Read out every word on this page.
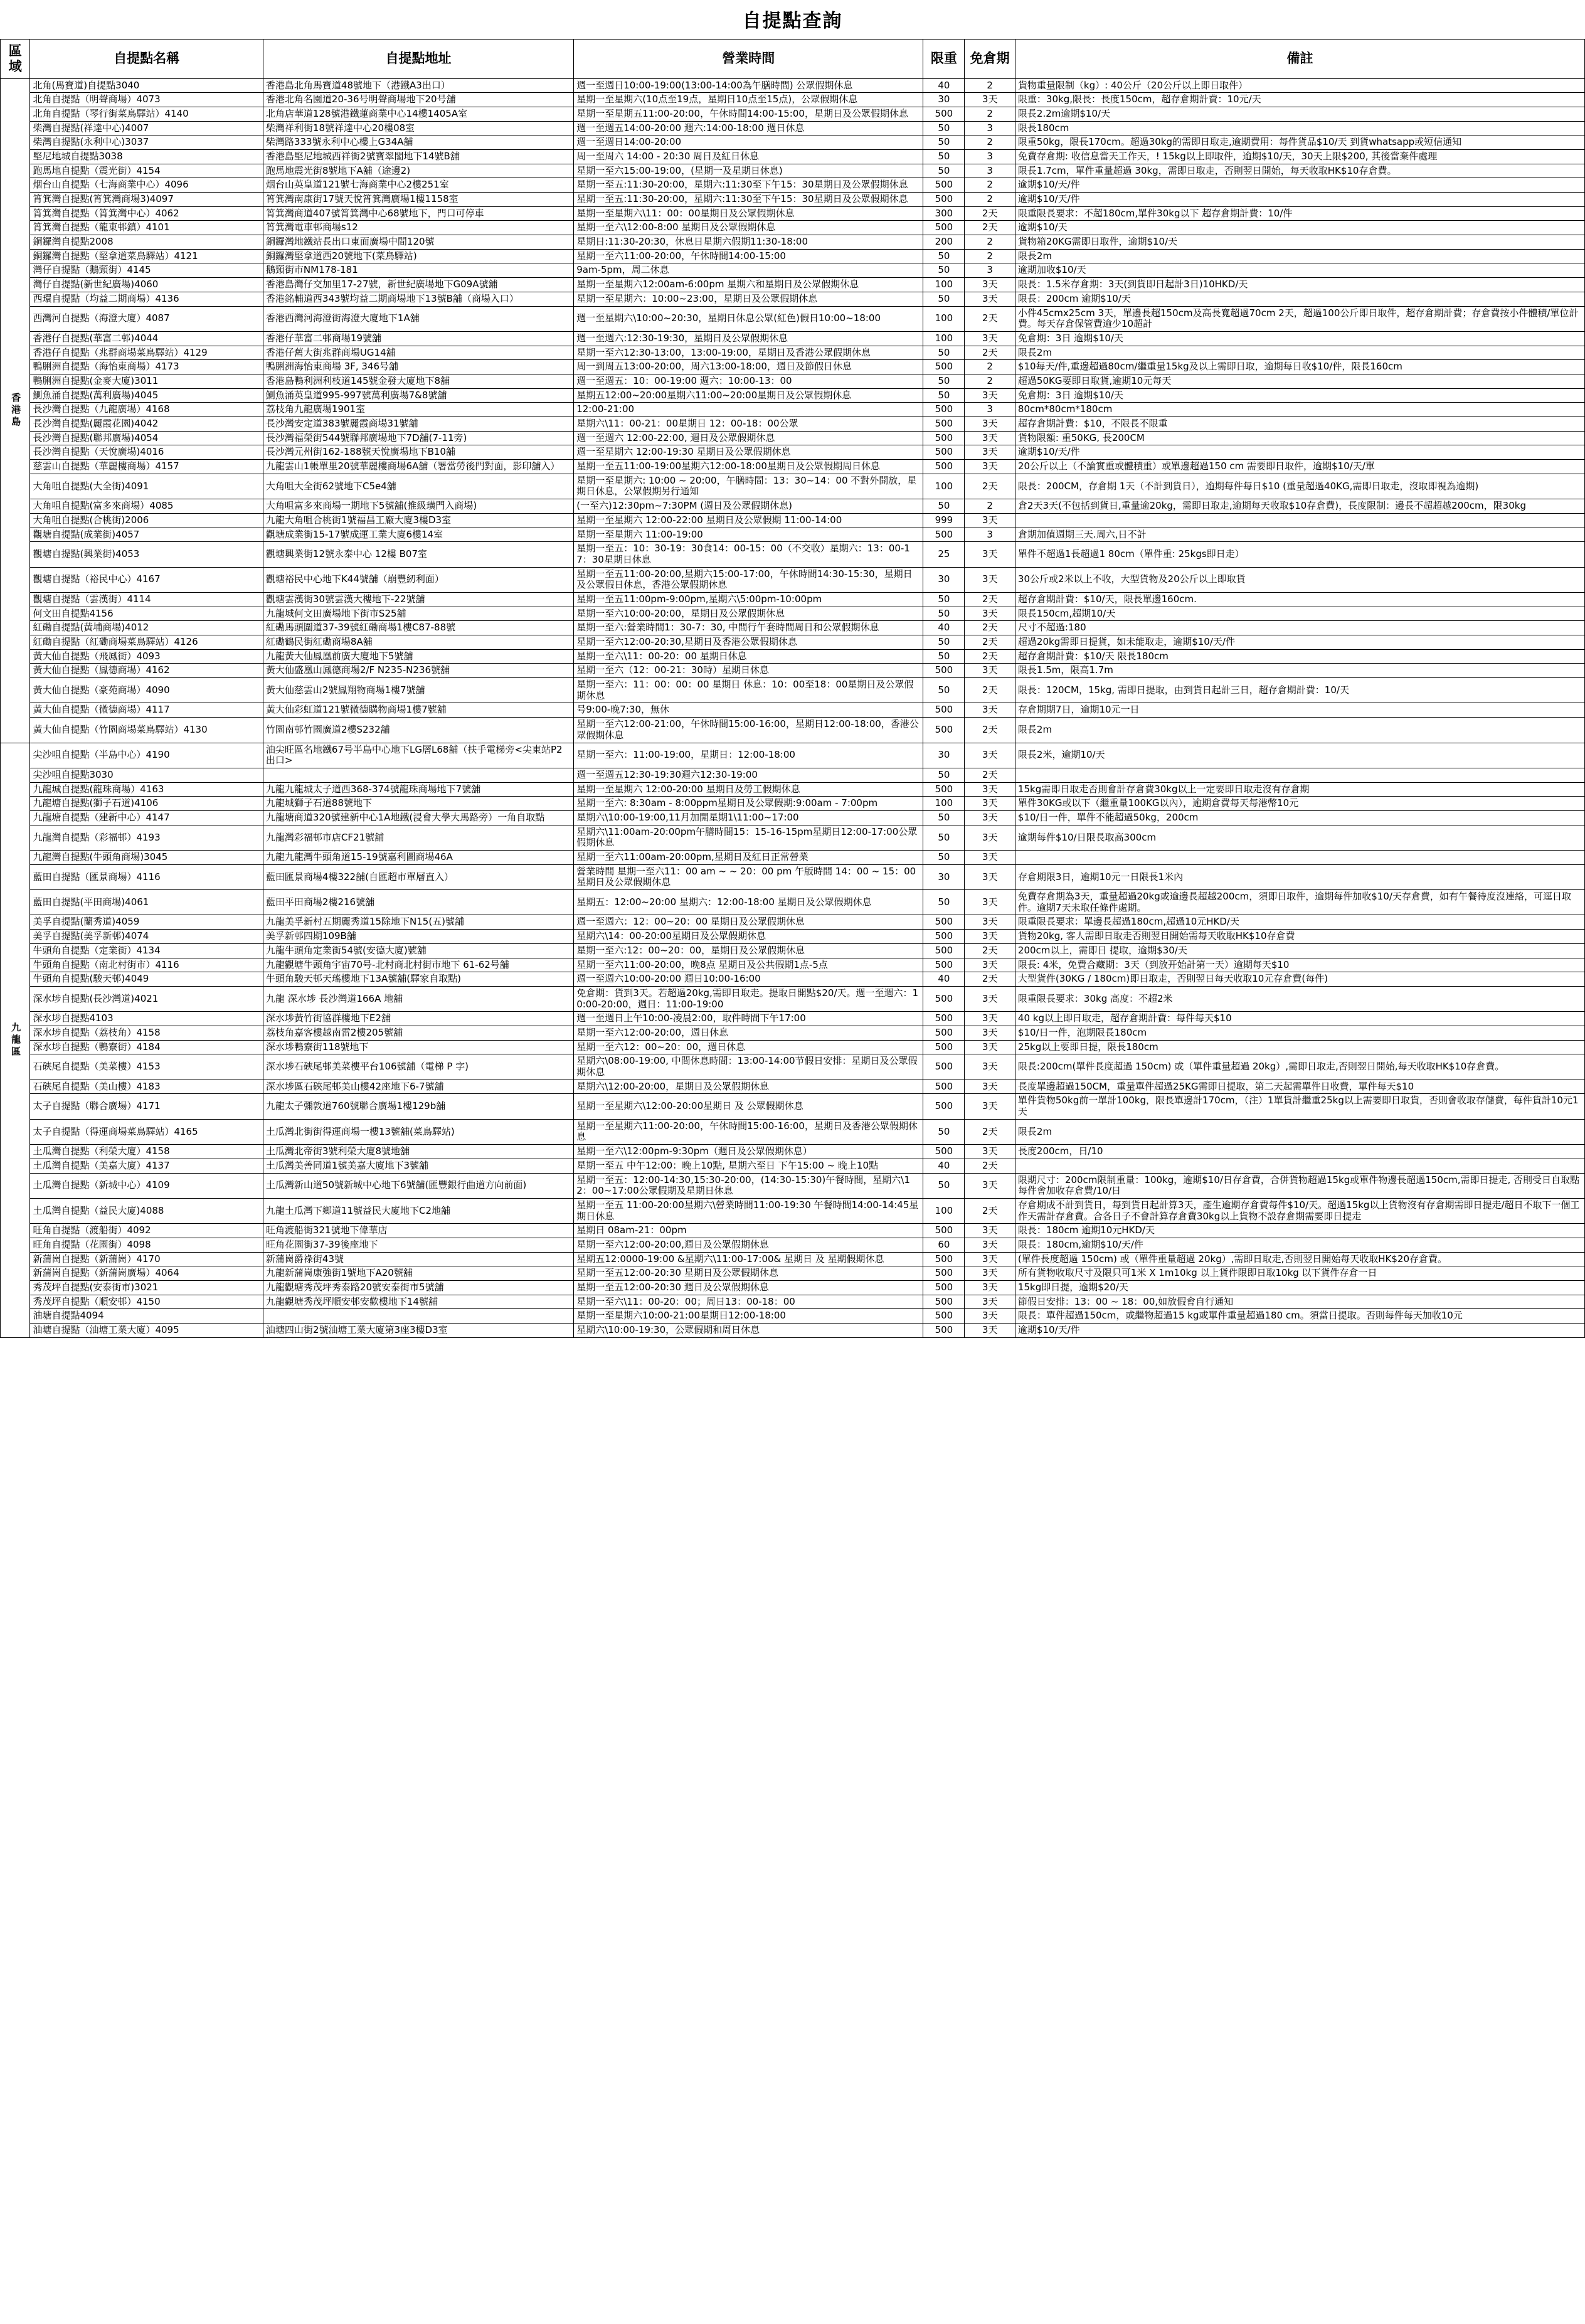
自提點查詢
區域	自提點名稱	自提點地址	營業時間	限重	免倉期	備註
香港島	北角(馬寶道)自提點3040	香港島北角馬寶道48號地下（港鐵A3出口）	週一至週日10:00-19:00(13:00-14:00為午膳時間) 公眾假期休息	40	2	貨物重量限制（kg）: 40公斤（20公斤以上即日取件）
	北角自提點（明聲商場）4073	香港北角名園道20-36号明聲商場地下20号舖	星期一至星期六(10点至19点，星期日10点至15点)，公眾假期休息	30	3天	限重：30kg,限長：長度150cm，超存倉期計費：10元/天
	北角自提點（琴行街菜鳥驛站）4140	北角店華道128號港鐵蓮商業中心14樓1405A室	星期一至星期五11:00-20:00，午休時間14:00-15:00，星期日及公眾假期休息	500	2	限長2.2m逾期$10/天
	柴灣自提點(祥達中心)4007	柴灣祥利街18號祥達中心20樓08室	週一至週五14:00-20:00 週六:14:00-18:00 週日休息	50	3	限長180cm
	柴灣自提點(永利中心)3037	柴灣路333號永利中心樓上G34A舖	週一至週日14:00-20:00	50	2	限重50kg，限長170cm。超過30kg的需即日取走,逾期費用：每件貨品$10/天 到貨whatsapp或短信通知
	堅尼地城自提點3038	香港島堅尼地城西祥街2號寶翠閣地下14號B舖	周一至周六 14:00 - 20:30 周日及紅日休息	50	3	免費存倉期: 收信息當天工作天，! 15kg以上即取件，逾期$10/天，30天上限$200, 其後當棄件處理
	跑馬地自提點（震光街）4154	跑馬地震光街8號地下A舖（途邊2)	星期一至六15:00-19:00，(星期一及星期日休息)	50	3	限長1.7cm，單件重量超過 30kg，需即日取走，否則翌日開始，每天收取HK$10存倉費。
	烟台山自提點（七海商業中心）4096	烟台山英皇道121號七海商業中心2樓251室	星期一至五:11:30-20:00，星期六:11:30至下午15：30星期日及公眾假期休息	500	2	逾期$10/天/件
	筲箕灣自提點(筲箕灣商場3)4097	筲箕灣南康街17號天悅筲箕灣廣場1樓1158室	星期一至五:11:30-20:00，星期六:11:30至下午15：30星期日及公眾假期休息	500	2	逾期$10/天/件
	筲箕灣自提點（筲箕灣中心）4062	筲箕灣商道407號筲箕灣中心68號地下，門口可停車	星期一至星期六\11：00：00星期日及公眾假期休息	300	2天	限重限長要求：不超180cm,單件30kg以下 超存倉期計費：10/件
	筲箕灣自提點（龍東邨鎮）4101	筲箕灣電車邨商場s12	星期一至六\12:00-8:00 星期日及公眾假期休息	500	2天	逾期$10/天
	銅鑼灣自提點2008	銅鑼灣地鐵站長出口東面廣場中間120號	星期日:11:30-20:30，休息日星期六假期11:30-18:00	200	2	貨物箱20KG需即日取件，逾期$10/天
	銅鑼灣自提點（堅拿道菜鳥驛站）4121	銅鑼灣堅拿道西20號地下(菜鳥驛站)	星期一至六11:00-20:00，午休時間14:00-15:00	50	2	限長2m
	灣仔自提點（鵝頸街）4145	鵝頸街市NM178-181	9am-5pm，周二休息	50	3	逾期加收$10/天
	灣仔自提點(新世紀廣場)4060	香港島灣仔交加里17-27號，新世紀廣場地下G09A號鋪	星期一至星期六12:00am-6:00pm 星期六和星期日及公眾假期休息	100	3天	限長：1.5米存倉期：3天(到貨即日起計3日)10HKD/天
	西環自提點（均益二期商場）4136	香港銘輔道西343號均益二期商場地下13號B舖（商場入口）	星期一至星期六：10:00~23:00，星期日及公眾假期休息	50	3天	限長：200cm 逾期$10/天
	西灣河自提點（海澄大廈）4087	香港西灣河海澄街海澄大廈地下1A舖	週一至星期六\10:00~20:30，星期日休息公眾(紅色)假日10:00~18:00	100	2天	小件45cmx25cm 3天，單邊長超150cm及高長寬超過70cm 2天，超過100公斤即日取件，超存倉期計費；存倉費按小件體積/單位計費。每天存倉保管費逾少10超計
	香港仔自提點(華富二邨)4044	香港仔華富二邨商場19號舖	週一至週六:12:30-19:30，星期日及公眾假期休息	100	3天	免倉期：3日 逾期$10/天
	香港仔自提點（兆群商場菜鳥驛站）4129	香港仔舊大街兆群商場UG14舖	星期一至六12:30-13:00，13:00-19:00，星期日及香港公眾假期休息	50	2天	限長2m
	鴨脷洲自提點（海怡東商場）4173	鴨脷洲海怡東商場 3F, 346号舖	周一到周五13:00-20:00，周六13:00-18:00，週日及節假日休息	500	2	$10每天/件,重邊超過80cm/繼重量15kg及以上需即日取，逾期每日收$10/件，限長160cm
	鴨脷洲自提點(金麥大廈)3011	香港島鴨利洲利枝道145號金發大廈地下8舖	週一至週五：10：00-19:00 週六：10:00-13：00	50	2	超過50KG要即日取貨,逾期10元每天
	鰂魚涌自提點(萬利廣場)4045	鰂魚涌英皇道995-997號萬利廣場7&8號舖	星期五12:00~20:00星期六11:00~20:00星期日及公眾假期休息	50	3天	免倉期：3日 逾期$10/天
	長沙灣自提點（九龍廣場）4168	荔枝角九龍廣場1901室	12:00-21:00	500	3	80cm*80cm*180cm
	長沙灣自提點(麗霞花園)4042	長沙灣安定道383號麗霞商場31號舖	星期六\11：00-21：00星期日 12：00-18：00公眾	500	3天	超存倉期計費：$10，不限長不限重
	長沙灣自提點(聯邦廣場)4054	長沙灣福榮街544號聯邦廣場地下7D舖(7-11旁)	週一至週六 12:00-22:00, 週日及公眾假期休息	500	3天	貨物限額: 重50KG, 長200CM
	長沙灣自提點（天悅廣場)4016	長沙灣元州街162-188號天悅廣場地下B10舖	週一至星期六 12:00-19:30 星期日及公眾假期休息	500	3天	逾期$10/天/件
	慈雲山自提點（華麗樓商場）4157	九龍雲山1帳單里20號華麗樓商場6A舖（署當勞後門對面，影印舖入）	星期一至五11:00-19:00星期六12:00-18:00星期日及公眾假期周日休息	500	3天	20公斤以上（不論實重或體積重）或單邊超過150 cm 需要即日取件，逾期$10/天/單
	大角咀自提點(大全街)4091	大角咀大全街62號地下C5e4舖	星期一至星期六: 10:00 ~ 20:00，午膳時間：13：30~14：00 不對外開放，星期日休息，公眾假期另行通知	100	2天	限長：200CM，存倉期 1天（不計到貨日），逾期每件每日$10 (重量超過40KG,需即日取走，沒取即視為逾期)
	大角咀自提點(富多來商場）4085	大角咀富多來商場一期地下5號舖(推級璜門入商場)	(一至六)12:30pm~7:30PM (週日及公眾假期休息)	50	2	倉2天3天(不包括到貨日,重量逾20kg，需即日取走,逾期每天收取$10存倉費)，長度限制：邊長不超超越200cm，限30kg
	大角咀自提點(合桃街)2006	九龍大角咀合桃街1號福昌工廠大廈3樓D3室	星期一至星期六 12:00-22:00 星期日及公眾假期 11:00-14:00	999	3天	
	觀塘自提點(成業街)4057	觀塘成業街15-17號成運工業大廈6樓14室	星期一至星期六 11:00-19:00	500	3	倉期加值週期三天.周六,日不計
	觀塘自提點(興業街)4053	觀塘興業街12號永泰中心 12樓 B07室	星期一至五：10：30-19：30食14：00-15：00（不交收）星期六：13：00-17：30星期日休息	25	3天	單件不超過1長超過1 80cm（單件重: 25kgs即日走）
	觀塘自提點（裕民中心）4167	觀塘裕民中心地下K44號舖（崩豐紉利面）	星期一至五11:00-20:00,星期六15:00-17:00，午休時間14:30-15:30，星期日及公眾假日休息，香港公眾假期休息	30	3天	30公斤或2米以上不收，大型貨物及20公斤以上即取貨
	觀塘自提點（雲漢街）4114	觀塘雲漢街30號雲漢大樓地下-22號舖	星期一至五11:00pm-9:00pm,星期六\5:00pm-10:00pm	50	2天	超存倉期計費：$10/天，限長單邊160cm.
	何文田自提點4156	九龍城何文田廣場地下街市S25舖	星期一至六10:00-20:00，星期日及公眾假期休息	50	3天	限長150cm,超期10/天
	紅磡自提點(黃埔商場)4012	紅磡馬頭圍道37-39號紅磡商場1樓C87-88號	星期一至六:營業時間1：30-7：30, 中間行午套時間周日和公眾假期休息	40	2天	尺寸不超過:180
	紅磡自提點（紅磡商場菜鳥驛站）4126	紅磡鶴民街紅磡商場8A舖	星期一至六12:00-20:30,星期日及香港公眾假期休息	50	2天	超過20kg需即日提貨，如未能取走，逾期$10/天/件
	黃大仙自提點（飛鳳街）4093	九龍黃大仙鳳凰前廣大廈地下5號舖	星期一至六\11：00-20：00 星期日休息	50	2天	超存倉期計費：$10/天 限長180cm
	黃大仙自提點（鳳德商場）4162	黃大仙盛凰山鳳德商場2/F N235-N236號舖	星期一至六（12：00-21：30時）星期日休息	500	3天	限長1.5m，限高1.7m
	黃大仙自提點（豪苑商場）4090	黃大仙慈雲山2號鳳翔物商場1樓7號舖	星期一至六：11：00：00：00 星期日 休息：10：00至18：00星期日及公眾假期休息	50	2天	限長：120CM，15kg, 需即日提取，由到貨日起計三日，超存倉期計費：10/天
	黃大仙自提點（微德商場）4117	黃大仙彩虹道121號微德購物商場1樓7號舖	号9:00-晚7:30，無休	500	3天	存倉期期7日，逾期10元一日
	黃大仙自提點（竹園商場菜鳥驛站）4130	竹園南邨竹園廣道2樓S232舖	星期一至六12:00-21:00，午休時間15:00-16:00，星期日12:00-18:00，香港公眾假期休息	500	2天	限長2m
九龍區	尖沙咀自提點（半島中心）4190	油尖旺區名地鐵67号半島中心地下LG層L68舖（扶手電梯旁<尖東站P2出口>	星期一至六：11:00-19:00，星期日：12:00-18:00	30	3天	限長2米，逾期10/天
	尖沙咀自提點3030		週一至週五12:30-19:30週六12:30-19:00	50	2天	
	九龍城自提點(龍珠商場）4163	九龍九龍城太子道西368-374號龍珠商場地下7號舖	星期一至星期六 12:00-20:00 星期日及勞工假期休息	500	3天	15kg需即日取走否則會計存倉費30kg以上一定要即日取走沒有存倉期
	九龍塘自提點(獅子石道)4106	九龍城獅子石道88號地下	星期一至六: 8:30am - 8:00ppm星期日及公眾假期:9:00am - 7:00pm	100	3天	單件30KG或以下（繼重量100KG以內），逾期倉費每天每港幣10元
	九龍塘自提點（建新中心）4147	九龍塘商道320號建新中心1A地鐵(浸會大學大馬路旁）一角自取點	星期六\10:00-19:00,11月加開星期1\11:00~17:00	50	3天	$10/日一件，單件不能超過50kg，200cm
	九龍灣自提點（彩福邨）4193	九龍灣彩福邨市店CF21號舖	星期六\11:00am-20:00pm午膳時間15：15-16-15pm星期日12:00-17:00公眾假期休息	50	3天	逾期每件$10/日限長取高300cm
	九龍灣自提點(牛頭角商場)3045	九龍九龍灣牛頭角道15-19號嘉利圖商場46A	星期一至六11:00am-20:00pm,星期日及紅日正常營業	50	3天	
	藍田自提點（匯景商場）4116	藍田匯景商場4樓322舖(自匯超市單層直入）	營業時間 星期一至六11：00 am ~ ~ 20：00 pm 午版時間 14：00 ~ 15：00星期日及公眾假期休息	30	3天	存倉期限3日，逾期10元一日限長1米內
	藍田自提點(平田商場)4061	藍田平田商場2樓216號舖	星期五：12:00~20:00 星期六：12:00-18:00 星期日及公眾假期休息	50	3天	免費存倉期為3天，重量超過20kg或逾邊長超越200cm，須即日取件，逾期每件加收$10/天存倉費，如有午餐待度沒連絡，可逕日取件。逾期7天未取任條件處期。
	美孚自提點(蘭秀道)4059	九龍美孚新村五期麗秀道15除地下N15(五)號舖	週一至週六：12：00~20：00 星期日及公眾假期休息	500	3天	限重限長要求：單邊長超過180cm,超過10元HKD/天
	美孚自提點(美孚新邨)4074	美孚新邨四期109B舖	星期六\14：00-20:00星期日及公眾假期休息	500	3天	貨物20kg, 客人需即日取走否則翌日開始需每天收取HK$10存倉費
	牛頭角自提點（定業街）4134	九龍牛頭角定業街54號(安德大廈)號舖	星期一至六:12：00~20：00，星期日及公眾假期休息	500	2天	200cm以上，需即日 提取，逾期$30/天
	牛頭角自提點（南北村街市）4116	九龍觀塘牛頭角宇宙70号-北村商北村街市地下 61-62号舖	星期一至六11:00-20:00，晚8点 星期日及公共假期1点-5点	500	3天	限長: 4米，免費合藏期：3天（到放开始計第一天）逾期每天$10
	牛頭角自提點(駿天邨)4049	牛頭角駿天邨天瑤樓地下13A號舖(驛家自取點)	週一至週六10:00-20:00 週日10:00-16:00	40	2天	大型貨件(30KG / 180cm)即日取走，否則翌日每天收取10元存倉費(每件)
	深水埗自提點(長沙灣道)4021	九龍 深水埗 長沙灣道166A 地舖	免倉期：貨到3天。若超過20kg,需即日取走。提取日開點$20/天。週一至週六：10:00-20:00，週日：11:00-19:00	500	3天	限重限長要求：30kg 高度：不超2米
	深水埗自提點4103	深水埗黃竹街協群樓地下E2舖	週一至週日上午10:00-凌晨2:00，取件時間下午17:00	500	3天	40 kg以上即日取走，超存倉期計費：每件每天$10
	深水埗自提點（荔枝角）4158	荔枝角嘉客樓越南雷2樓205號舖	星期一至六12:00-20:00，週日休息	500	3天	$10/日一件，泡期限長180cm
	深水埗自提點（鴨寮街）4184	深水埗鴨寮街118號地下	星期一至六12：00~20：00，週日休息	500	3天	25kg以上要即日提，限長180cm
	石硤尾自提點（美菜樓）4153	深水埗石硤尾邨美菜樓平台106號舖（電梯 P 字)	星期六\08:00-19:00, 中間休息時間：13:00-14:00节假日安排：星期日及公眾假期休息	500	3天	限長:200cm(單件長度超過 150cm) 或（單件重量超過 20kg）,需即日取走,否則翌日開始,每天收取HK$10存倉費。
	石硤尾自提點（美山樓）4183	深水埗區石硤尾邨美山樓42座地下6-7號舖	星期六\12:00-20:00，星期日及公眾假期休息	500	3天	長度單邊超過150CM，重量單件超過25KG需即日提取，第二天起需單件日收費，單件每天$10
	太子自提點（聯合廣場）4171	九龍太子彌敦道760號聯合廣場1樓129b舖	星期一至星期六\12:00-20:00星期日 及 公眾假期休息	500	3天	單件貨物50kg前一單計100kg，限長單邊計170cm，（注）1單貨計繼重25kg以上需要即日取貨，否則會收取存儲費，每件貨計10元1天
	太子自提點（得運商場菜鳥驛站）4165	土瓜灣北街街得運商場一樓13號舖(菜鳥驛站)	星期一至星期六11:00-20:00，午休時間15:00-16:00，星期日及香港公眾假期休息	50	2天	限長2m
	土瓜灣自提點（利榮大廈）4158	土瓜灣北帝街3號利榮大廈8號地舖	星期一至六\12:00pm-9:30pm（週日及公眾假期休息）	500	3天	長度200cm，日/10
	土瓜灣自提點（美嘉大廈）4137	土瓜灣美善同道1號美嘉大廈地下3號舖	星期一至五 中午12:00：晚上10點, 星期六至日 下午15:00 ~ 晚上10點	40	2天	
	土瓜灣自提點（新城中心）4109	土瓜灣新山道50號新城中心地下6號舖(匯豐銀行曲道方向前面)	星期一至五：12:00-14:30,15:30-20:00，(14:30-15:30)午餐時間，星期六\12：00~17:00公眾假期及星期日休息	50	3天	限期尺寸：200cm限制重量：100kg，逾期$10/日存倉費，合併貨物超過15kg或單件物邊長超過150cm,需即日提走, 否則受日自取點每件會加收存倉費/10/日
	土瓜灣自提點（益民大廈)4088	九龍土瓜灣下鄉道11號益民大廈地下C2地舖	星期一至五 11:00-20:00星期六\營業時間11:00-19:30 午餐時間14:00-14:45星期日休息	100	2天	存倉期成不計到貨日，每到貨日起計算3天，產生逾期存倉費每件$10/天。超過15kg以上貨物沒有存倉期需即日提走/超日不取下一個工作天需計存倉費。合各日子不會計算存倉費30kg以上貨物不設存倉期需要即日提走
	旺角自提點（渡船街）4092	旺角渡船街321號地下偉華店	星期日 08am-21：00pm	500	3天	限長：180cm 逾期10元HKD/天
	旺角自提點（花園街）4098	旺角花園街37-39後座地下	星期一至六12:00-20:00,週日及公眾假期休息	60	3天	限長：180cm,逾期$10/天/件
	新蒲崗自提點（新蒲崗）4170	新蒲崗爵祿街43號	星期五12:0000-19:00 &星期六\11:00-17:00& 星期日 及 星期假期休息	500	3天	(單件長度超過 150cm) 或（單件重量超過 20kg）,需即日取走,否則翌日開始每天收取HK$20存倉費。
	新蒲崗自提點（新蒲崗廣場）4064	九龍新蒲崗康強街1號地下A20號舖	星期一至五12:00-20:30 星期日及公眾假期休息	500	3天	所有貨物收取尺寸及限只可1米 X 1m10kg 以上貨件限即日取10kg 以下貨件存倉一日
	秀茂坪自提點(安泰街市)3021	九龍觀塘秀茂坪秀泰路20號安泰街市5號舖	星期一至五12:00-20:30 週日及公眾假期休息	500	3天	15kg即日提，逾期$20/天
	秀茂坪自提點（順安邨）4150	九龍觀塘秀茂坪順安邨安歡樓地下14號舖	星期一至六\11：00-20：00；周日13：00-18：00	500	3天	節假日安排：13：00 ~ 18：00,如放假會自行通知
	油塘自提點4094		星期一至星期六10:00-21:00星期日12:00-18:00	500	3天	限長：單件超過150cm，或繼物超過15 kg或單件重量超過180 cm。須當日提取。否則每件每天加收10元
	油塘自提點（油塘工業大廈）4095	油塘四山街2號油塘工業大廈第3座3樓D3室	星期六\10:00-19:30，公眾假期和周日休息	500	3天	逾期$10/天/件
